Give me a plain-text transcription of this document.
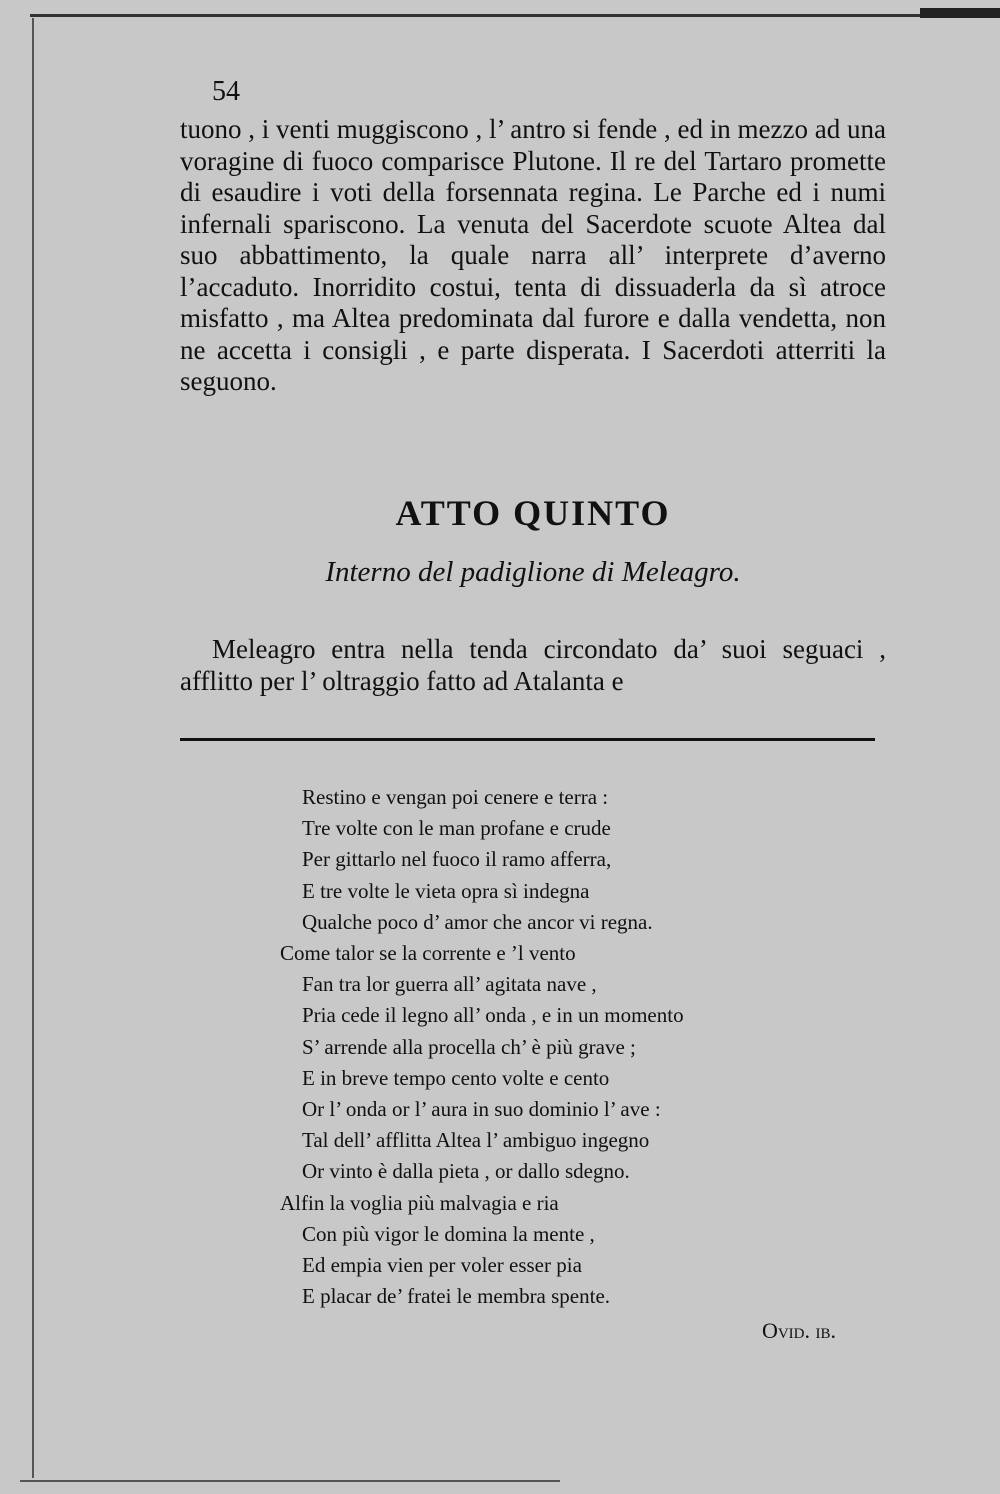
54

tuono , i venti muggiscono , l’ antro si fende , ed in mezzo ad una voragine di fuoco comparisce Plutone. Il re del Tartaro promette di esaudire i voti della forsennata regina. Le Parche ed i numi infernali spariscono. La venuta del Sacerdote scuote Altea dal suo abbattimento, la quale narra all’ interprete d’averno l’accaduto. Inorridito costui, tenta di dissuaderla da sì atroce misfatto , ma Altea predominata dal furore e dalla vendetta, non ne accetta i consigli , e parte disperata. I Sacerdoti atterriti la seguono.

ATTO QUINTO
Interno del padiglione di Meleagro.

Meleagro entra nella tenda circondato da’ suoi seguaci , afflitto per l’ oltraggio fatto ad Atalanta e

Restino e vengan poi cenere e terra :
Tre volte con le man profane e crude
Per gittarlo nel fuoco il ramo afferra,
E tre volte le vieta opra sì indegna
Qualche poco d’ amor che ancor vi regna.
Come talor se la corrente e ’l vento
Fan tra lor guerra all’ agitata nave ,
Pria cede il legno all’ onda , e in un momento
S’ arrende alla procella ch’ è più grave ;
E in breve tempo cento volte e cento
Or l’ onda or l’ aura in suo dominio l’ ave :
Tal dell’ afflitta Altea l’ ambiguo ingegno
Or vinto è dalla pieta , or dallo sdegno.
Alfin la voglia più malvagia e ria
Con più vigor le domina la mente ,
Ed empia vien per voler esser pia
E placar de’ fratei le membra spente.
Ovid. ib.
